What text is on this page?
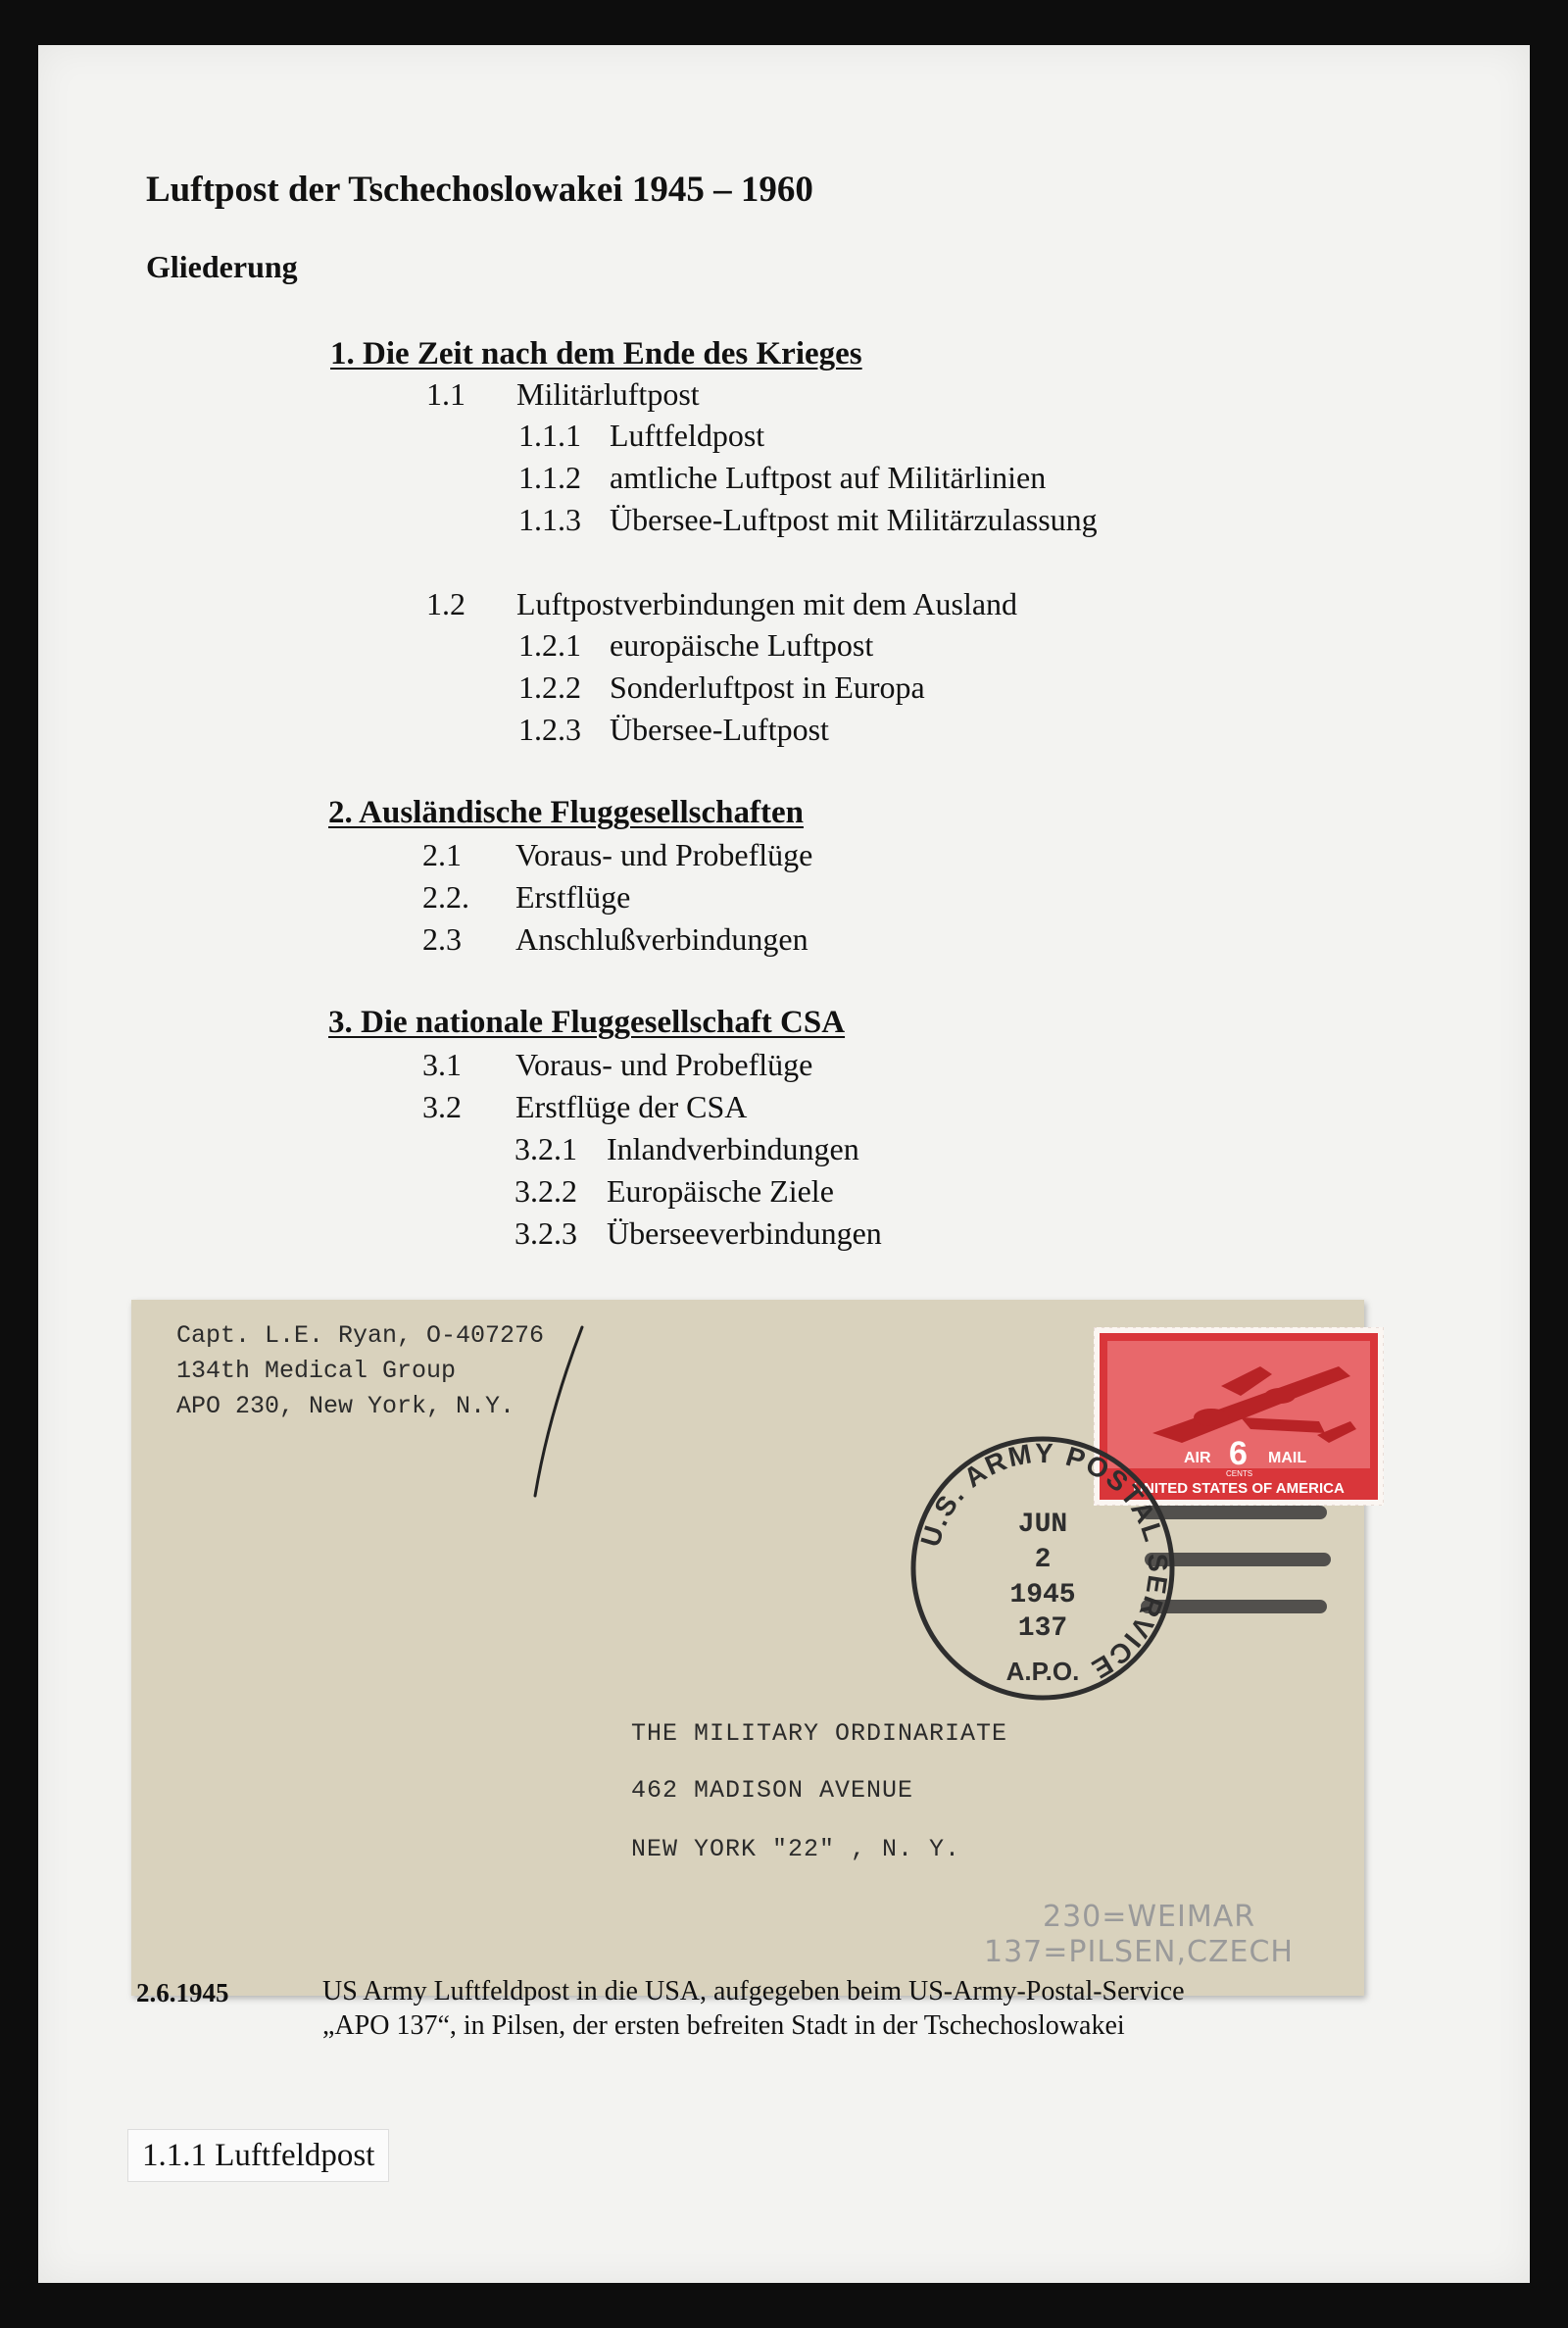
Luftpost der Tschechoslowakei 1945 – 1960
Gliederung
1. Die Zeit nach dem Ende des Krieges
1.1 Militärluftpost
1.1.1 Luftfeldpost
1.1.2 amtliche Luftpost auf Militärlinien
1.1.3 Übersee-Luftpost mit Militärzulassung
1.2 Luftpostverbindungen mit dem Ausland
1.2.1 europäische Luftpost
1.2.2 Sonderluftpost in Europa
1.2.3 Übersee-Luftpost
2. Ausländische Fluggesellschaften
2.1 Voraus- und Probeflüge
2.2. Erstflüge
2.3 Anschlußverbindungen
3. Die nationale Fluggesellschaft CSA
3.1 Voraus- und Probeflüge
3.2 Erstflüge der CSA
3.2.1 Inlandverbindungen
3.2.2 Europäische Ziele
3.2.3 Überseeverbindungen
Capt. L.E. Ryan, O-407276
134th Medical Group
APO 230, New York, N.Y.
AIR 6
CENTS
MAIL
UNITED STATES OF AMERICA
U.S. ARMY POSTAL SERVICE
A.P.O.
JUN
2
1945
137
THE MILITARY ORDINARIATE
462 MADISON AVENUE
NEW YORK "22" , N. Y.
230=WEIMAR
137=PILSEN,CZECH
2.6.1945	US Army Luftfeldpost in die USA, aufgegeben beim US-Army-Postal-Service
„APO 137“, in Pilsen, der ersten befreiten Stadt in der Tschechoslowakei
1.1.1 Luftfeldpost
